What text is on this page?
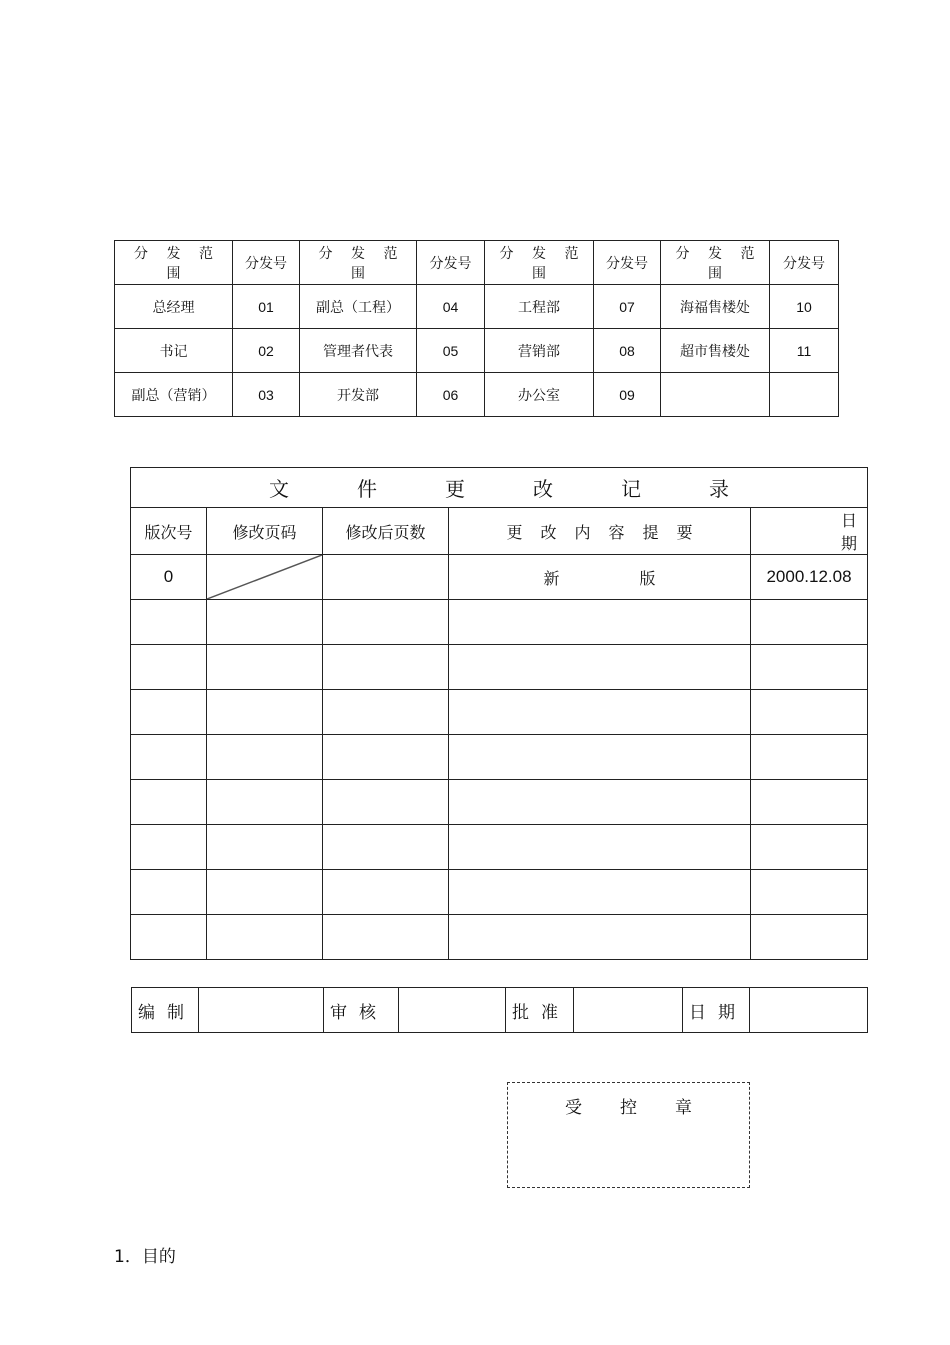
分 发 范 围	分发号	分 发 范 围	分发号	分 发 范 围	分发号	分 发 范 围	分发号
总经理	01	副总（工程）	04	工程部	07	海福售楼处	10
书记	02	管理者代表	05	营销部	08	超市售楼处	11
副总（营销）	03	开发部	06	办公室	09		
文件更改记录				
版次号	修改页码	修改后页数	更改内容提要	日期
0			新版	2000.12.08

编制		审核		批准		日期	
受控章
1．目的
